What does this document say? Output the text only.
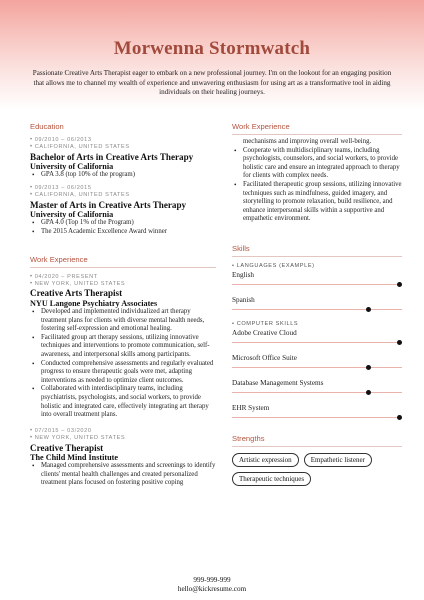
Morwenna Stormwatch
Passionate Creative Arts Therapist eager to embark on a new professional journey. I'm on the lookout for an engaging position that allows me to channel my wealth of experience and unwavering enthusiasm for using art as a transformative tool in aiding individuals on their healing journeys.
Education
• 09/2010 – 06/2013
• CALIFORNIA, UNITED STATES
Bachelor of Arts in Creative Arts Therapy
University of California
• GPA 3.8 (top 10% of the program)
• 09/2013 – 06/2015
• CALIFORNIA, UNITED STATES
Master of Arts in Creative Arts Therapy
University of California
• GPA 4.0 (Top 1% of the Program)
• The 2015 Academic Excellence Award winner
Work Experience
• 04/2020 – PRESENT
• NEW YORK, UNITED STATES
Creative Arts Therapist
NYU Langone Psychiatry Associates
• Developed and implemented individualized art therapy treatment plans for clients with diverse mental health needs, fostering self-expression and emotional healing.
• Facilitated group art therapy sessions, utilizing innovative techniques and interventions to promote communication, self-awareness, and interpersonal skills among participants.
• Conducted comprehensive assessments and regularly evaluated progress to ensure therapeutic goals were met, adapting interventions as needed to optimize client outcomes.
• Collaborated with interdisciplinary teams, including psychiatrists, psychologists, and social workers, to provide holistic and integrated care, effectively integrating art therapy into overall treatment plans.
• 07/2015 – 03/2020
• NEW YORK, UNITED STATES
Creative Therapist
The Child Mind Institute
• Managed comprehensive assessments and screenings to identify clients' mental health challenges and created personalized treatment plans focused on fostering positive coping
Work Experience
mechanisms and improving overall well-being.
• Cooperate with multidisciplinary teams, including psychologists, counselors, and social workers, to provide holistic care and ensure an integrated approach to therapy for clients with complex needs.
• Facilitated therapeutic group sessions, utilizing innovative techniques such as mindfulness, guided imagery, and storytelling to promote relaxation, build resilience, and enhance interpersonal skills within a supportive and empathetic environment.
Skills
• LANGUAGES (EXAMPLE)
English
Spanish
• COMPUTER SKILLS
Adobe Creative Cloud
Microsoft Office Suite
Database Management Systems
EHR System
Strengths
Artistic expression	Empathetic listener
Therapeutic techniques
999-999-999
hello@kickresume.com
